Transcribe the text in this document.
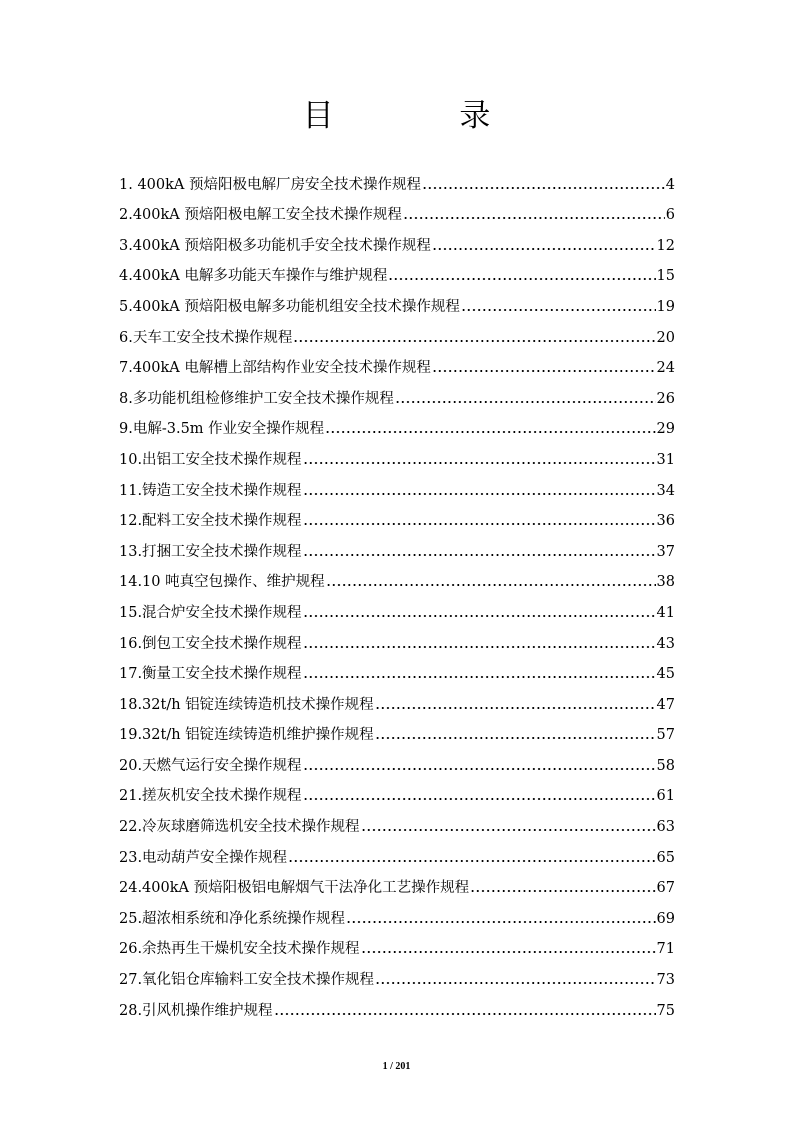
目 录
1. 400kA 预焙阳极电解厂房安全技术操作规程	4
2.400kA 预焙阳极电解工安全技术操作规程	6
3.400kA 预焙阳极多功能机手安全技术操作规程	12
4.400kA 电解多功能天车操作与维护规程	15
5.400kA 预焙阳极电解多功能机组安全技术操作规程	19
6.天车工安全技术操作规程	20
7.400kA 电解槽上部结构作业安全技术操作规程	24
8.多功能机组检修维护工安全技术操作规程	26
9.电解-3.5m 作业安全操作规程	29
10.出铝工安全技术操作规程	31
11.铸造工安全技术操作规程	34
12.配料工安全技术操作规程	36
13.打捆工安全技术操作规程	37
14.10 吨真空包操作、维护规程	38
15.混合炉安全技术操作规程	41
16.倒包工安全技术操作规程	43
17.衡量工安全技术操作规程	45
18.32t/h 铝锭连续铸造机技术操作规程	47
19.32t/h 铝锭连续铸造机维护操作规程	57
20.天燃气运行安全操作规程	58
21.搓灰机安全技术操作规程	61
22.冷灰球磨筛选机安全技术操作规程	63
23.电动葫芦安全操作规程	65
24.400kA 预焙阳极铝电解烟气干法净化工艺操作规程	67
25.超浓相系统和净化系统操作规程	69
26.余热再生干燥机安全技术操作规程	71
27.氧化铝仓库输料工安全技术操作规程	73
28.引风机操作维护规程	75
1 / 201
